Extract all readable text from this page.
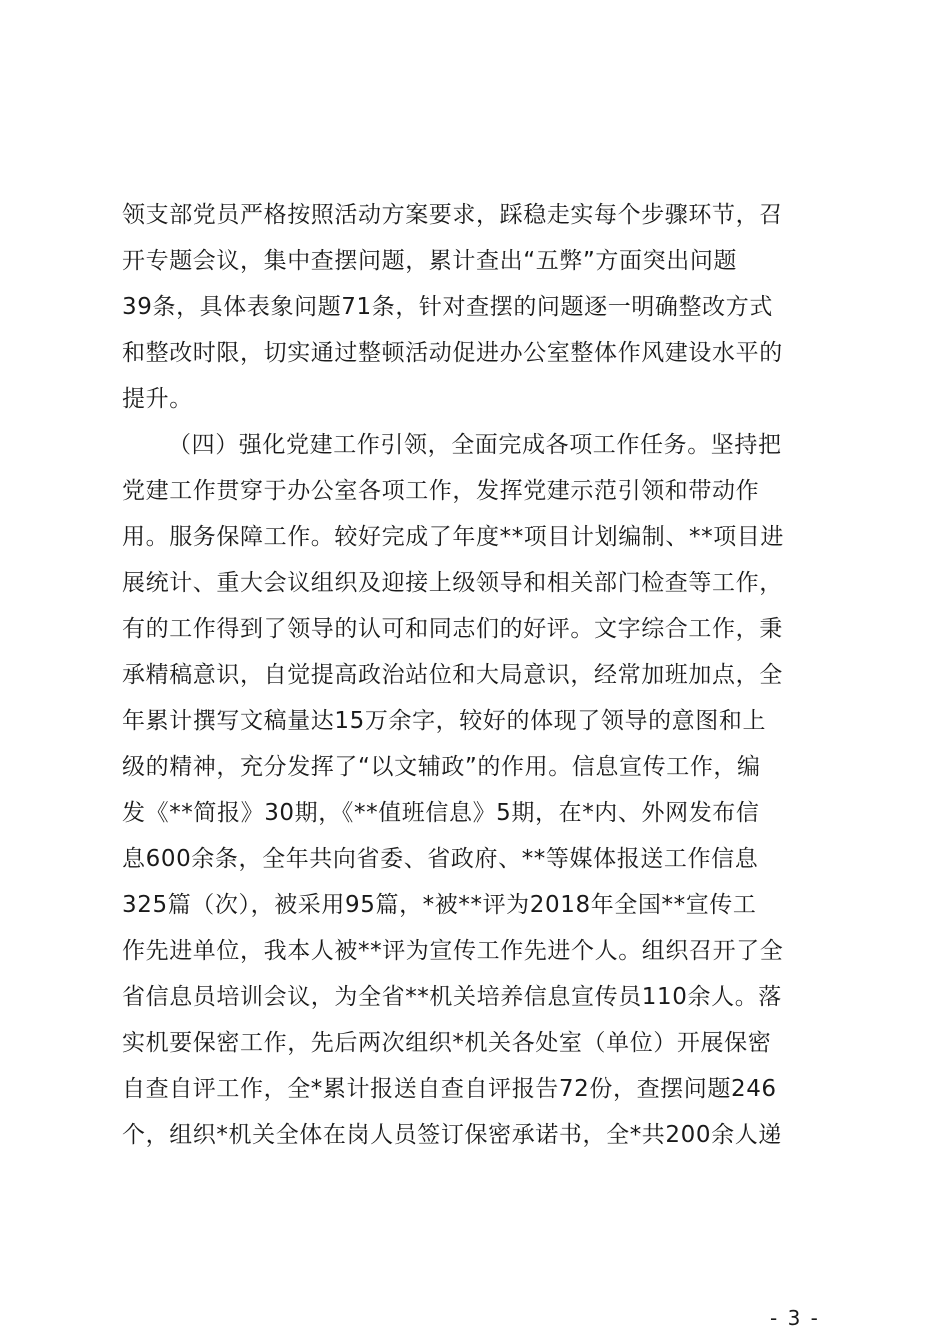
领支部党员严格按照活动方案要求，踩稳走实每个步骤环节，召
开专题会议，集中查摆问题，累计查出“五弊”方面突出问题
39条，具体表象问题71条，针对查摆的问题逐一明确整改方式
和整改时限，切实通过整顿活动促进办公室整体作风建设水平的
提升。
（四）强化党建工作引领，全面完成各项工作任务。坚持把
党建工作贯穿于办公室各项工作，发挥党建示范引领和带动作
用。服务保障工作。较好完成了年度**项目计划编制、**项目进
展统计、重大会议组织及迎接上级领导和相关部门检查等工作，
有的工作得到了领导的认可和同志们的好评。文字综合工作，秉
承精稿意识，自觉提高政治站位和大局意识，经常加班加点，全
年累计撰写文稿量达15万余字，较好的体现了领导的意图和上
级的精神，充分发挥了“以文辅政”的作用。信息宣传工作，编
发《**简报》30期，《**值班信息》5期，在*内、外网发布信
息600余条，全年共向省委、省政府、**等媒体报送工作信息
325篇（次），被采用95篇，*被**评为2018年全国**宣传工
作先进单位，我本人被**评为宣传工作先进个人。组织召开了全
省信息员培训会议，为全省**机关培养信息宣传员110余人。落
实机要保密工作，先后两次组织*机关各处室（单位）开展保密
自查自评工作，全*累计报送自查自评报告72份，查摆问题246
个，组织*机关全体在岗人员签订保密承诺书，全*共200余人递
- 3 -
